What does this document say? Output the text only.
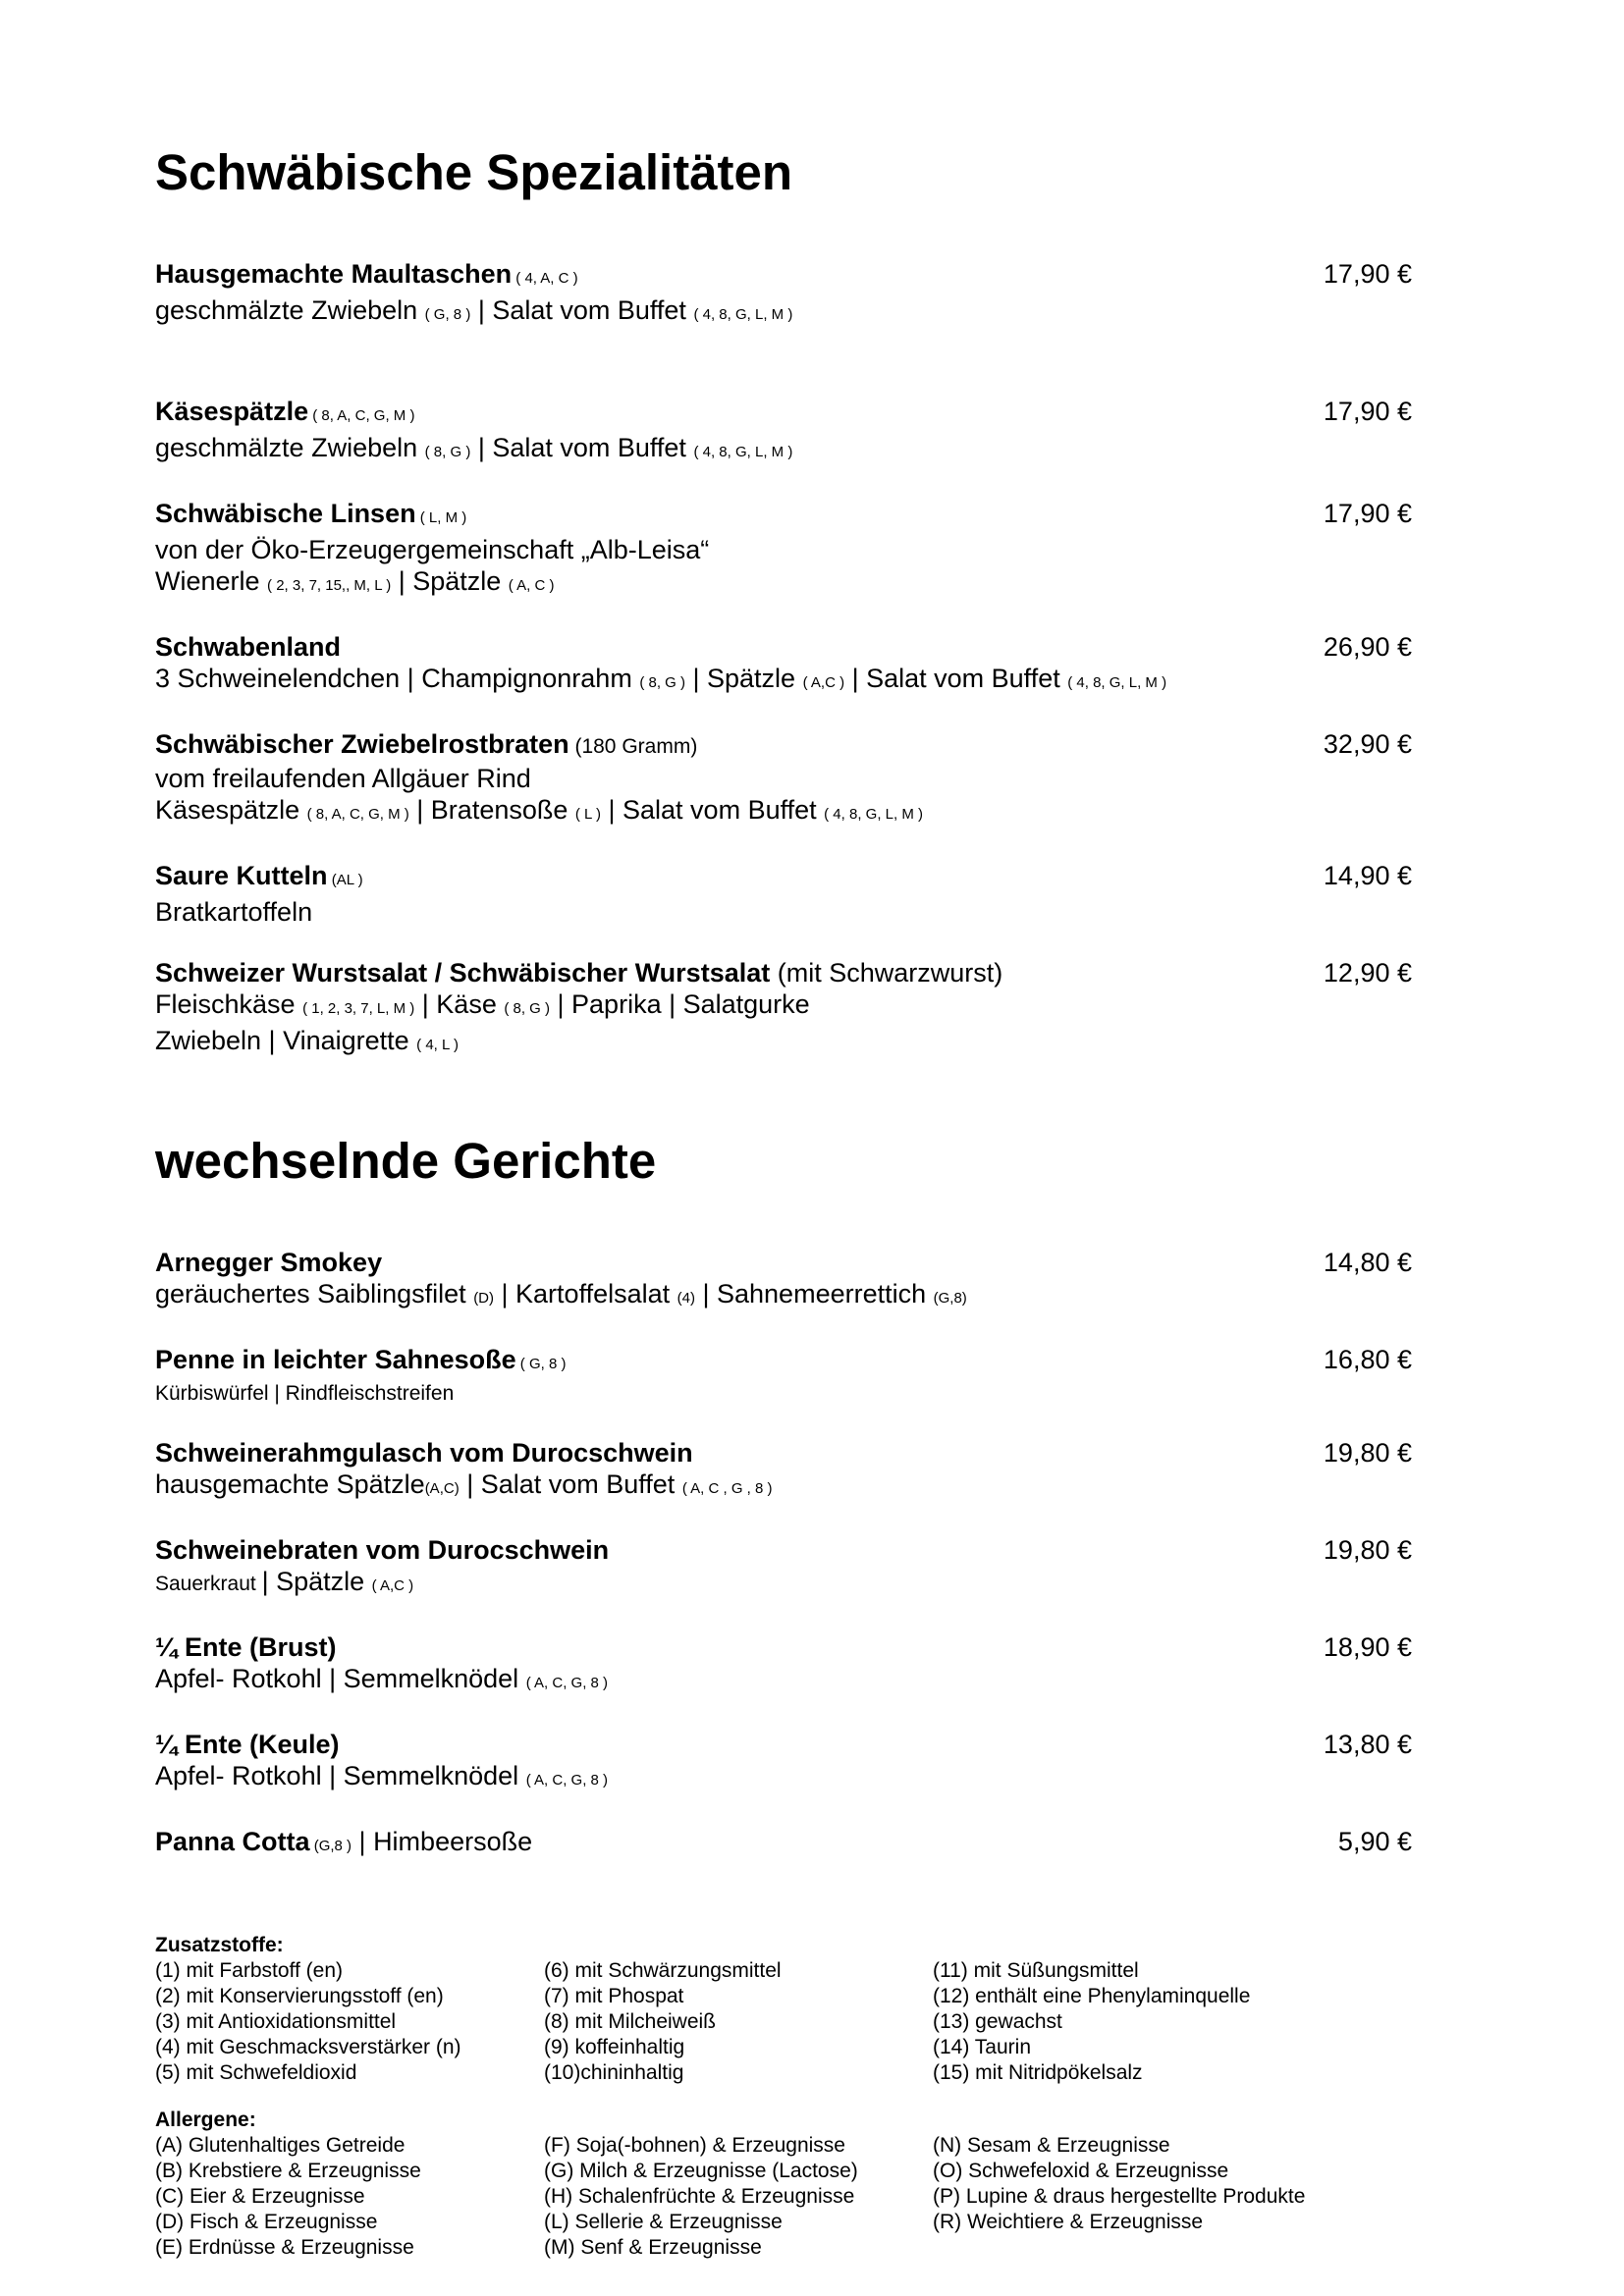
Schwäbische Spezialitäten
Hausgemachte Maultaschen ( 4, A, C )
geschmälzte Zwiebeln ( G, 8 ) | Salat vom Buffet ( 4, 8, G, L, M )
17,90 €
Käsespätzle ( 8, A, C, G, M )
geschmälzte Zwiebeln ( 8, G ) | Salat vom Buffet ( 4, 8, G, L, M )
17,90 €
Schwäbische Linsen ( L, M )
von der Öko-Erzeugergemeinschaft „Alb-Leisa“
Wienerle ( 2, 3, 7, 15,, M, L ) | Spätzle ( A, C )
17,90 €
Schwabenland
3 Schweinelendchen | Champignonrahm ( 8, G ) | Spätzle ( A,C ) | Salat vom Buffet ( 4, 8, G, L, M )
26,90 €
Schwäbischer Zwiebelrostbraten (180 Gramm)
vom freilaufenden Allgäuer Rind
Käsespätzle ( 8, A, C, G, M ) | Bratensoße ( L ) | Salat vom Buffet ( 4, 8, G, L, M )
32,90 €
Saure Kutteln (AL )
Bratkartoffeln
14,90 €
Schweizer Wurstsalat / Schwäbischer Wurstsalat (mit Schwarzwurst)
Fleischkäse ( 1, 2, 3, 7, L, M ) | Käse ( 8, G ) | Paprika | Salatgurke
Zwiebeln | Vinaigrette ( 4, L )
12,90 €
wechselnde Gerichte
Arnegger Smokey
geräuchertes Saiblingsfilet (D) | Kartoffelsalat (4) | Sahnemeerrettich (G,8)
14,80 €
Penne in leichter Sahnesoße ( G, 8 )
Kürbiswürfel | Rindfleischstreifen
16,80 €
Schweinerahmgulasch vom Durocschwein
hausgemachte Spätzle(A,C) | Salat vom Buffet ( A, C , G , 8 )
19,80 €
Schweinebraten vom Durocschwein
Sauerkraut | Spätzle ( A,C )
19,80 €
¼ Ente (Brust)
Apfel- Rotkohl | Semmelknödel ( A, C, G, 8 )
18,90 €
¼ Ente (Keule)
Apfel- Rotkohl | Semmelknödel ( A, C, G, 8 )
13,80 €
Panna Cotta (G,8 ) | Himbeersoße	5,90 €
Zusatzstoffe:
(1) mit Farbstoff (en)	(6) mit Schwärzungsmittel	(11) mit Süßungsmittel
(2) mit Konservierungsstoff (en)	(7) mit Phospat	(12) enthält eine Phenylaminquelle
(3) mit Antioxidationsmittel	(8) mit Milcheiweiß	(13) gewachst
(4) mit Geschmacksverstärker (n)	(9) koffeinhaltig	(14) Taurin
(5) mit Schwefeldioxid	(10)chininhaltig	(15) mit Nitridpökelsalz
Allergene:
(A) Glutenhaltiges Getreide	(F) Soja(-bohnen) & Erzeugnisse	(N) Sesam & Erzeugnisse
(B) Krebstiere & Erzeugnisse	(G) Milch & Erzeugnisse (Lactose)	(O) Schwefeloxid & Erzeugnisse
(C) Eier & Erzeugnisse	(H) Schalenfrüchte & Erzeugnisse	(P) Lupine & draus hergestellte Produkte
(D) Fisch & Erzeugnisse	(L) Sellerie & Erzeugnisse	(R) Weichtiere & Erzeugnisse
(E) Erdnüsse & Erzeugnisse	(M) Senf & Erzeugnisse
